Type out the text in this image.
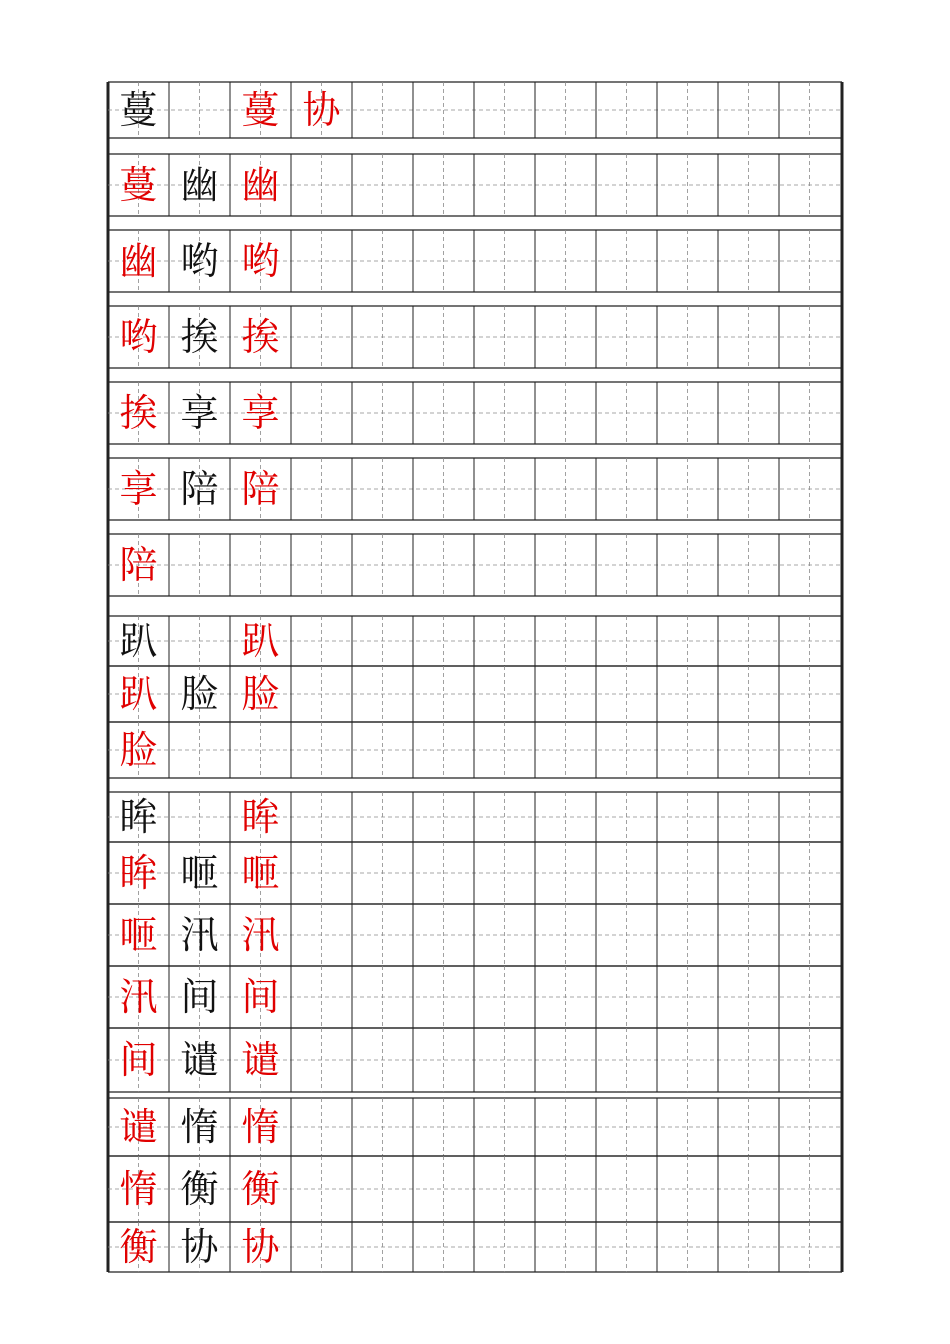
蔓	蔓 协
蔓 幽 幽
幽 哟 哟
哟 挨 挨
挨 享 享
享 陪 陪
陪
趴	趴
趴 脸 脸
脸
眸	眸
眸 咂 咂
咂 汛 汛
汛 间 间
间 谴 谴
谴 惰 惰
惰 衡 衡
衡 协 协
